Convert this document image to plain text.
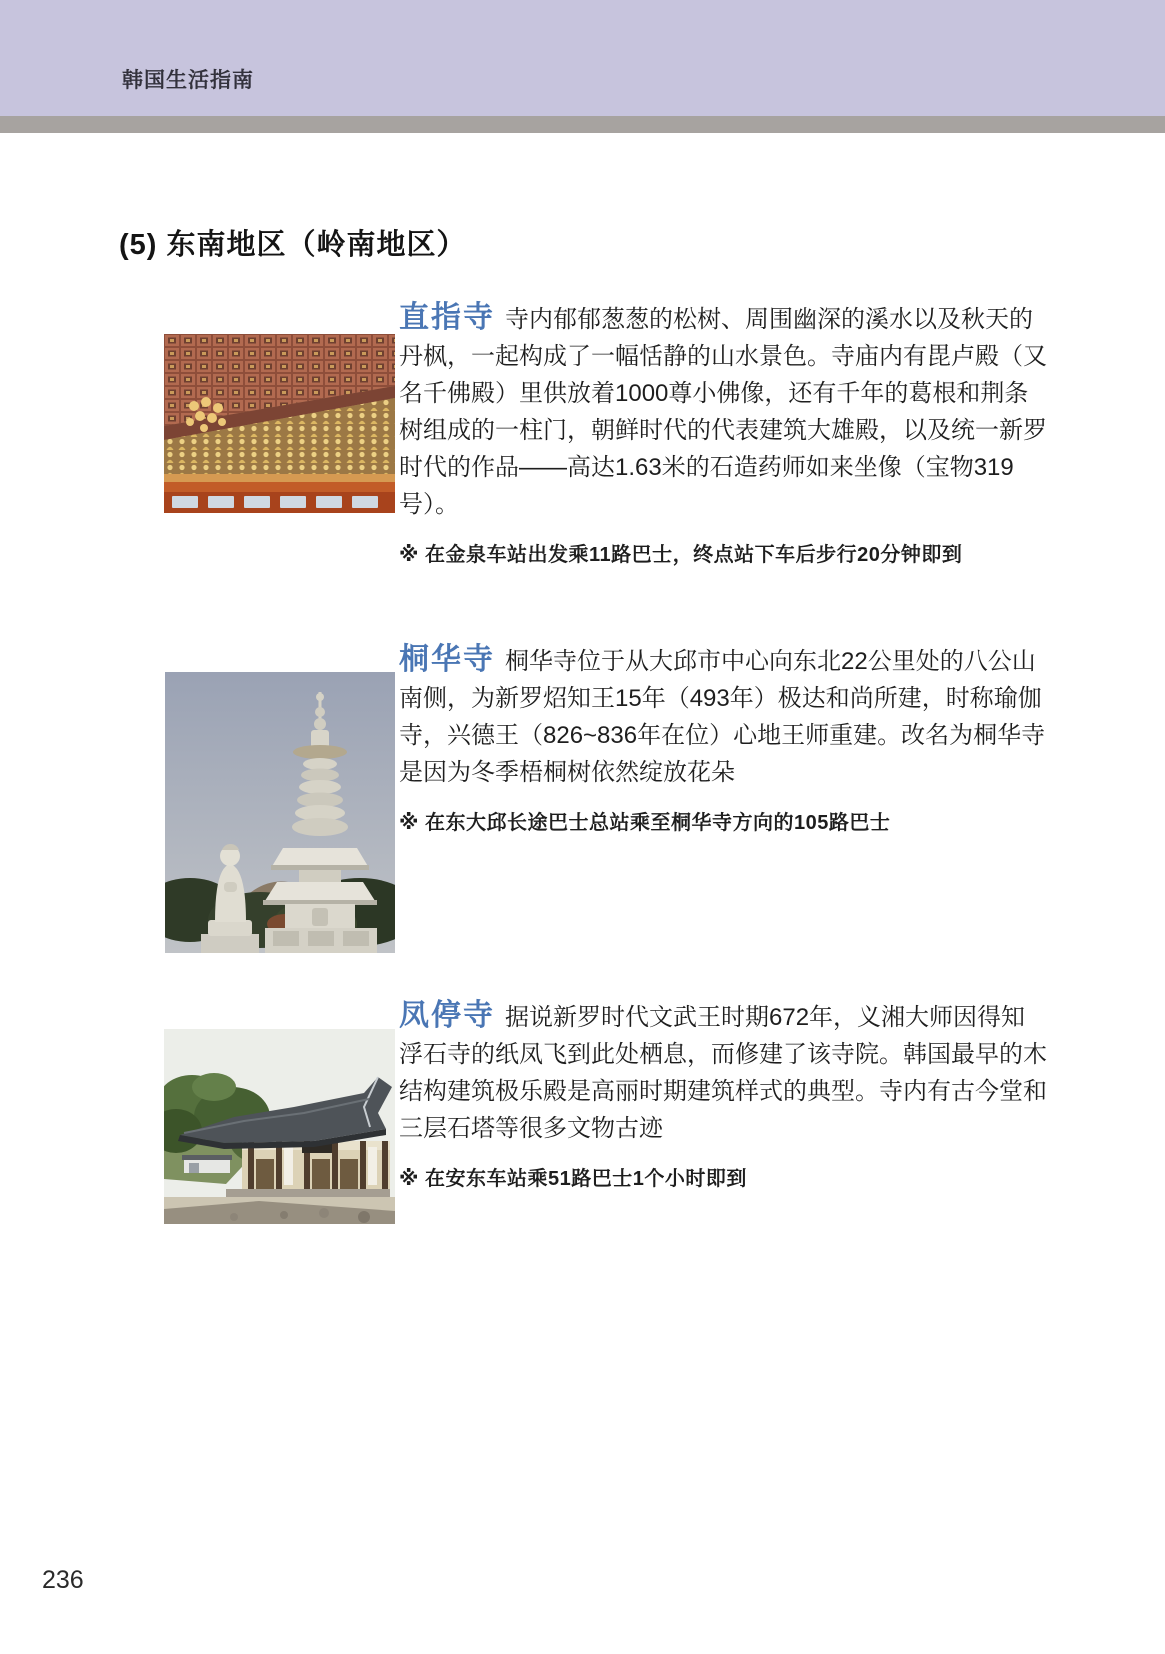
韩国生活指南
(5) 东南地区（岭南地区）

直指寺 寺内郁郁葱葱的松树、周围幽深的溪水以及秋天的丹枫，一起构成了一幅恬静的山水景色。寺庙内有毘卢殿（又名千佛殿）里供放着1000尊小佛像，还有千年的葛根和荆条树组成的一柱门，朝鲜时代的代表建筑大雄殿，以及统一新罗时代的作品——高达1.63米的石造药师如来坐像（宝物319号）。

※ 在金泉车站出发乘11路巴士，终点站下车后步行20分钟即到

桐华寺 桐华寺位于从大邱市中心向东北22公里处的八公山南侧，为新罗炤知王15年（493年）极达和尚所建，时称瑜伽寺，兴德王（826~836年在位）心地王师重建。改名为桐华寺是因为冬季梧桐树依然绽放花朵

※ 在东大邱长途巴士总站乘至桐华寺方向的105路巴士

凤停寺 据说新罗时代文武王时期672年，义湘大师因得知浮石寺的纸凤飞到此处栖息，而修建了该寺院。韩国最早的木结构建筑极乐殿是高丽时期建筑样式的典型。寺内有古今堂和三层石塔等很多文物古迹

※ 在安东车站乘51路巴士1个小时即到

236
